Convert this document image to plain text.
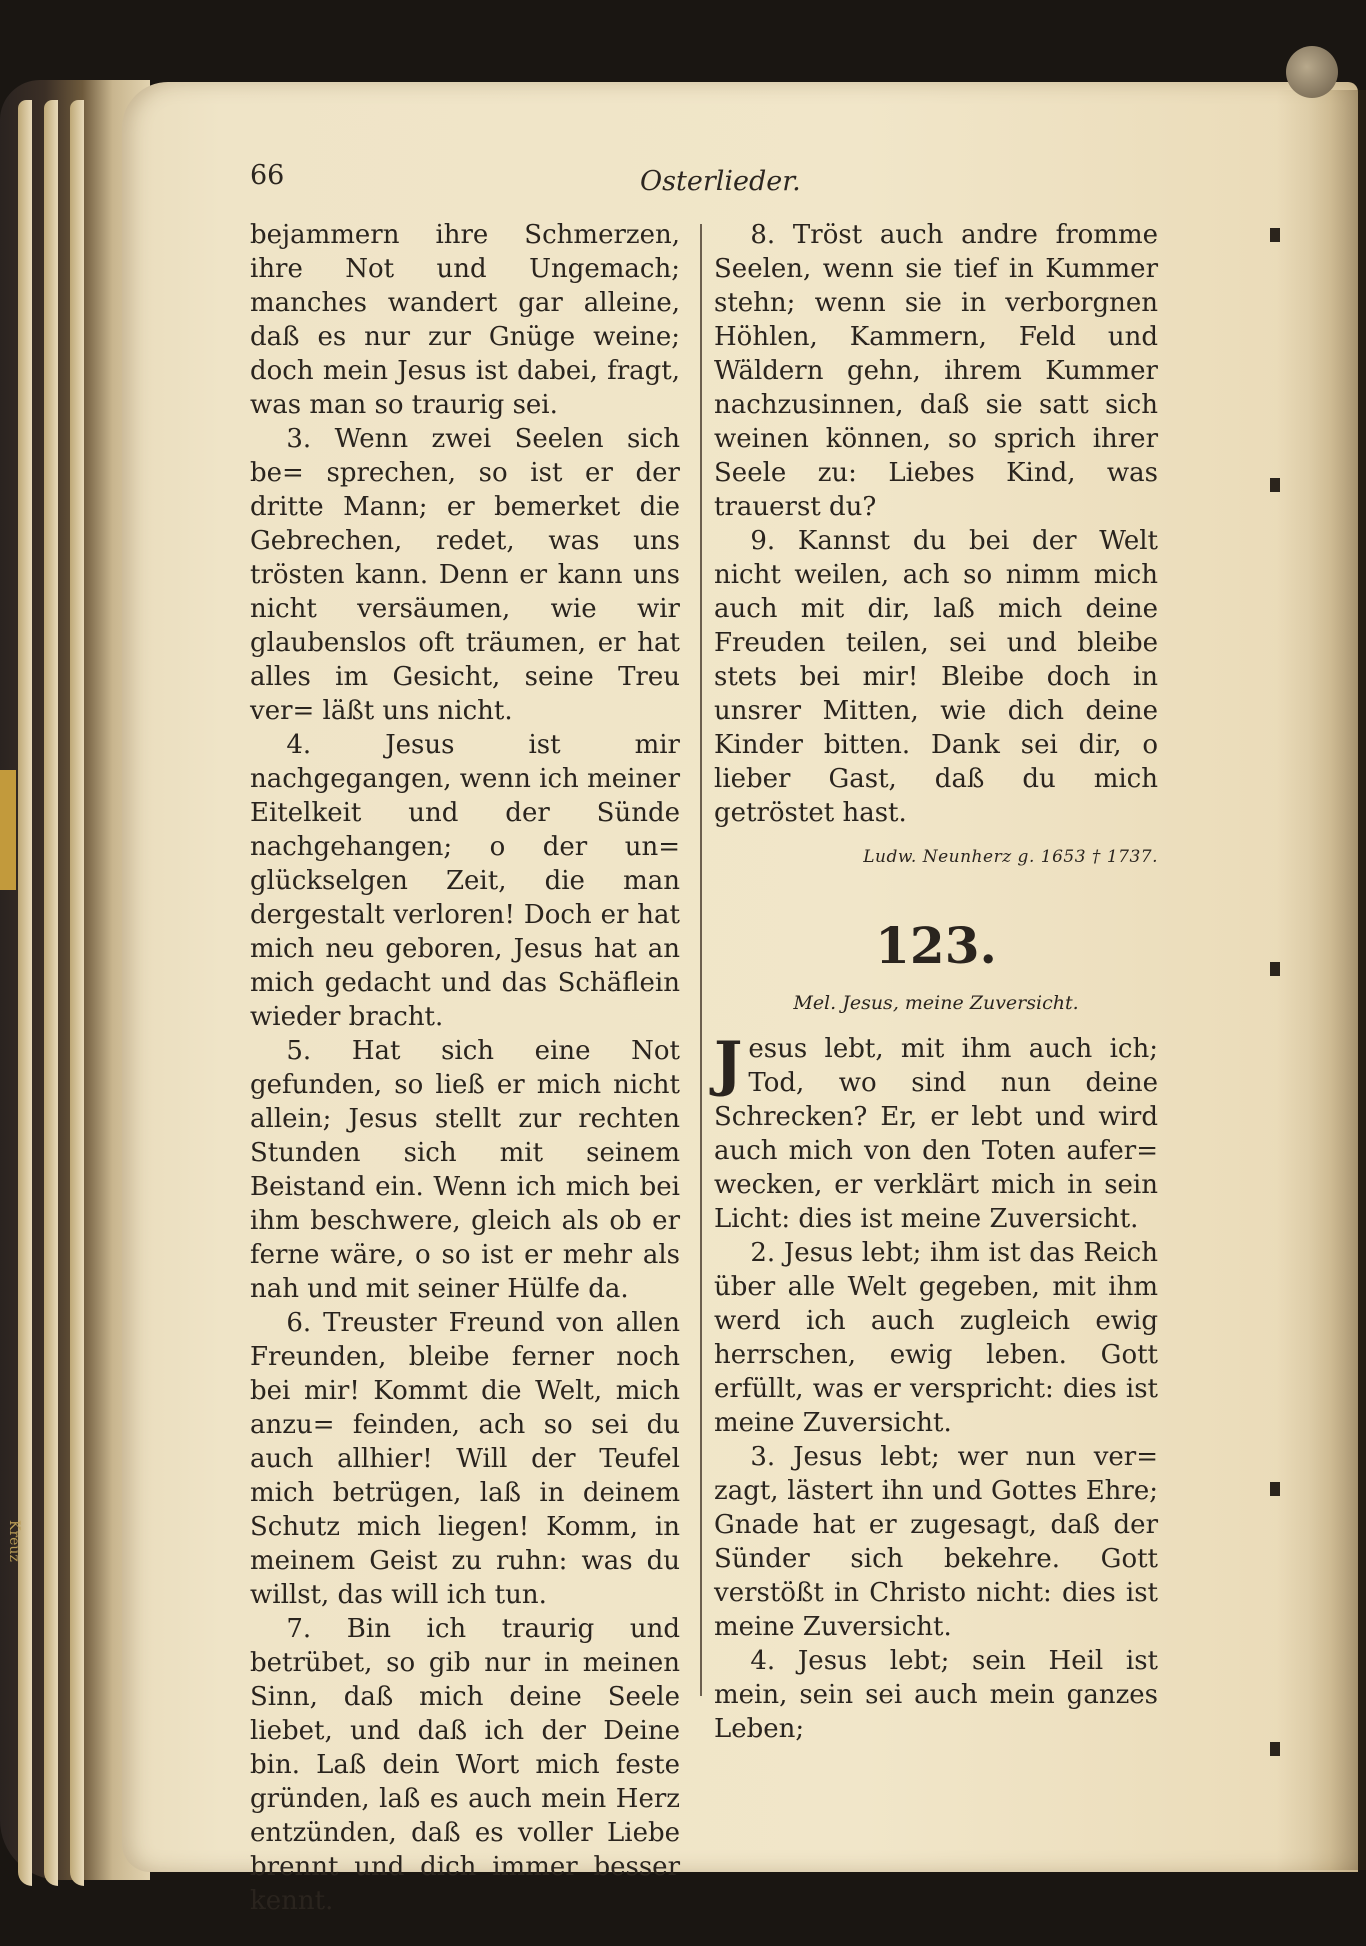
Kreuz
66	Osterlieder.

bejammern ihre Schmerzen, ihre Not und Ungemach; manches wandert gar alleine, daß es nur zur Gnüge weine; doch mein Jesus ist dabei, fragt, was man so traurig sei.

3. Wenn zwei Seelen sich be= sprechen, so ist er der dritte Mann; er bemerket die Gebrechen, redet, was uns trösten kann. Denn er kann uns nicht versäumen, wie wir glaubenslos oft träumen, er hat alles im Gesicht, seine Treu ver= läßt uns nicht.

4. Jesus ist mir nachgegangen, wenn ich meiner Eitelkeit und der Sünde nachgehangen; o der un= glückselgen Zeit, die man dergestalt verloren! Doch er hat mich neu geboren, Jesus hat an mich gedacht und das Schäflein wieder bracht.

5. Hat sich eine Not gefunden, so ließ er mich nicht allein; Jesus stellt zur rechten Stunden sich mit seinem Beistand ein. Wenn ich mich bei ihm beschwere, gleich als ob er ferne wäre, o so ist er mehr als nah und mit seiner Hülfe da.

6. Treuster Freund von allen Freunden, bleibe ferner noch bei mir! Kommt die Welt, mich anzu= feinden, ach so sei du auch allhier! Will der Teufel mich betrügen, laß in deinem Schutz mich liegen! Komm, in meinem Geist zu ruhn: was du willst, das will ich tun.

7. Bin ich traurig und betrübet, so gib nur in meinen Sinn, daß mich deine Seele liebet, und daß ich der Deine bin. Laß dein Wort mich feste gründen, laß es auch mein Herz entzünden, daß es voller Liebe brennt und dich immer besser kennt.

8. Tröst auch andre fromme Seelen, wenn sie tief in Kummer stehn; wenn sie in verborgnen Höhlen, Kammern, Feld und Wäldern gehn, ihrem Kummer nachzusinnen, daß sie satt sich weinen können, so sprich ihrer Seele zu: Liebes Kind, was trauerst du?

9. Kannst du bei der Welt nicht weilen, ach so nimm mich auch mit dir, laß mich deine Freuden teilen, sei und bleibe stets bei mir! Bleibe doch in unsrer Mitten, wie dich deine Kinder bitten. Dank sei dir, o lieber Gast, daß du mich getröstet hast.

Ludw. Neunherz g. 1653 † 1737.
123.
Mel. Jesus, meine Zuversicht.

Jesus lebt, mit ihm auch ich; Tod, wo sind nun deine Schrecken? Er, er lebt und wird auch mich von den Toten aufer= wecken, er verklärt mich in sein Licht: dies ist meine Zuversicht.

2. Jesus lebt; ihm ist das Reich über alle Welt gegeben, mit ihm werd ich auch zugleich ewig herrschen, ewig leben. Gott erfüllt, was er verspricht: dies ist meine Zuversicht.

3. Jesus lebt; wer nun ver= zagt, lästert ihn und Gottes Ehre; Gnade hat er zugesagt, daß der Sünder sich bekehre. Gott verstößt in Christo nicht: dies ist meine Zuversicht.

4. Jesus lebt; sein Heil ist mein, sein sei auch mein ganzes Leben;
